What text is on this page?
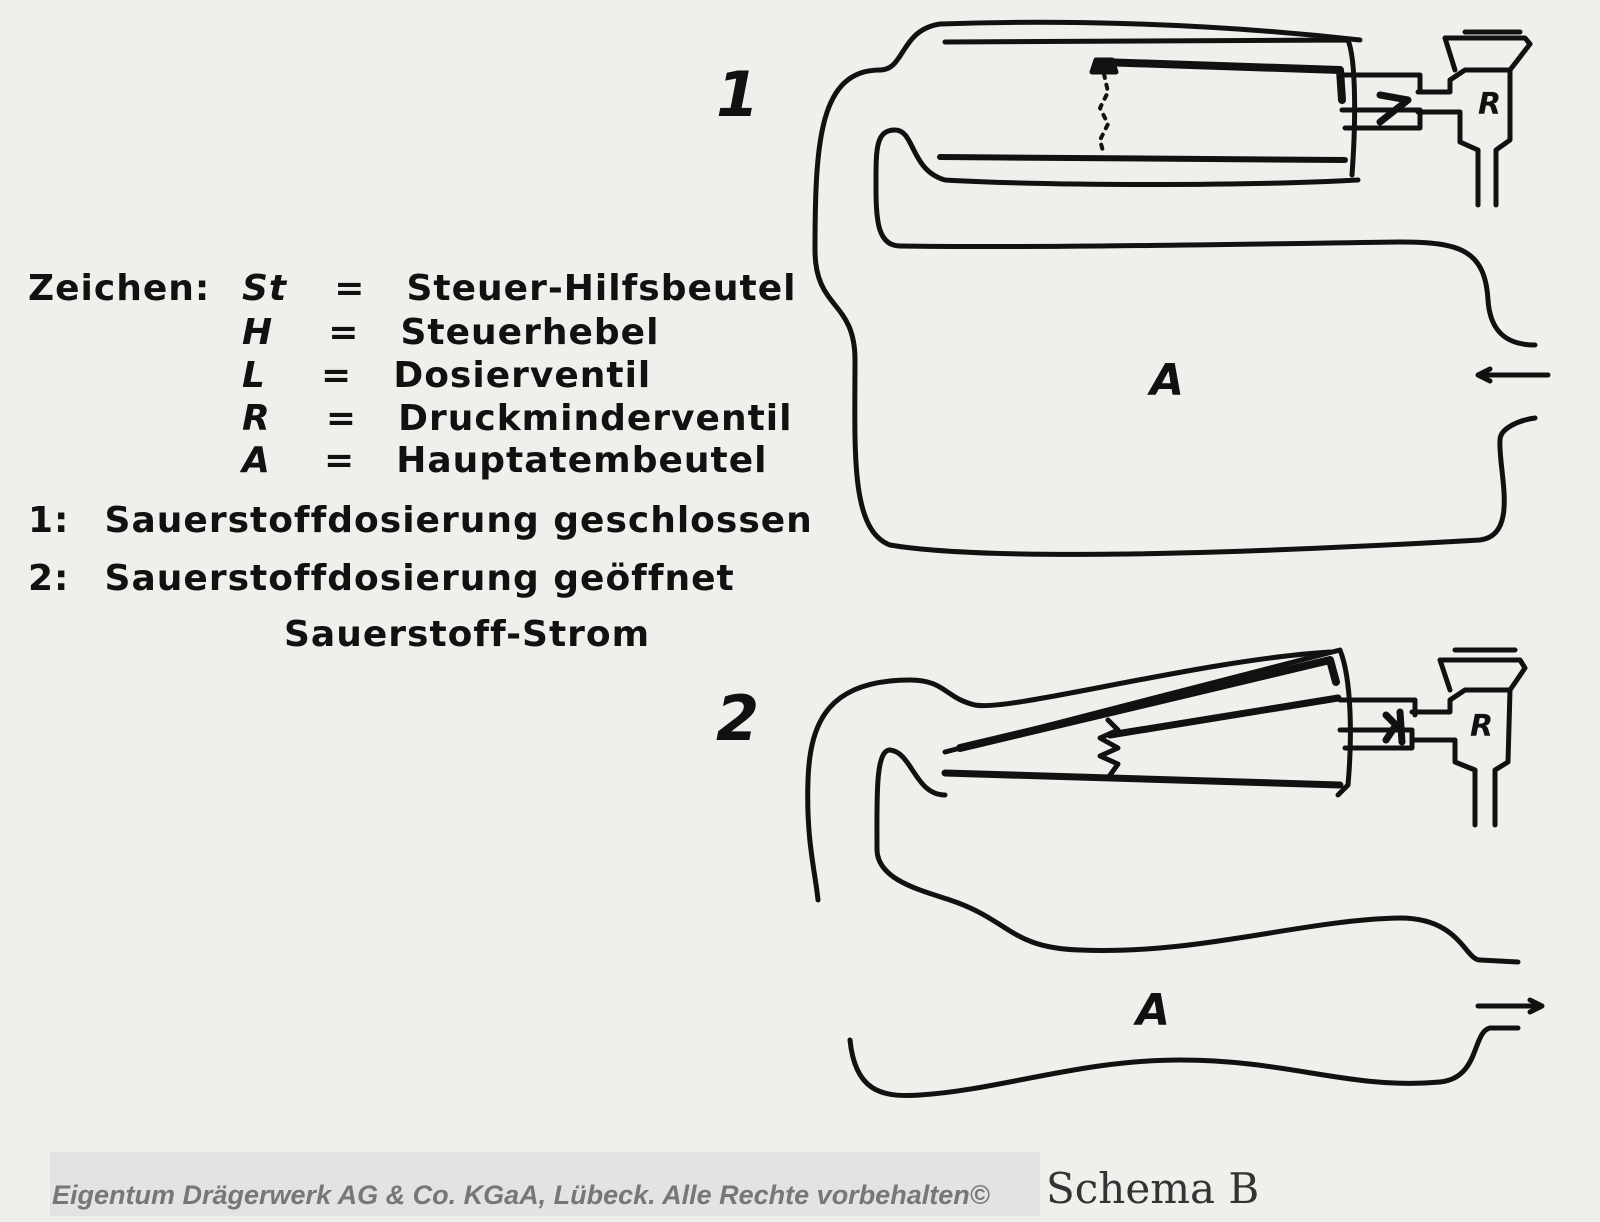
Zeichen: St = Steuer-Hilfsbeutel
H = Steuerhebel
L = Dosierventil
R = Druckminderventil
A = Hauptatembeutel
1: Sauerstoffdosierung geschlossen
2: Sauerstoffdosierung geöffnet
Sauerstoff-Strom
1
2
R
A
R
A
Eigentum Drägerwerk AG & Co. KGaA, Lübeck. Alle Rechte vorbehalten© Schema B
